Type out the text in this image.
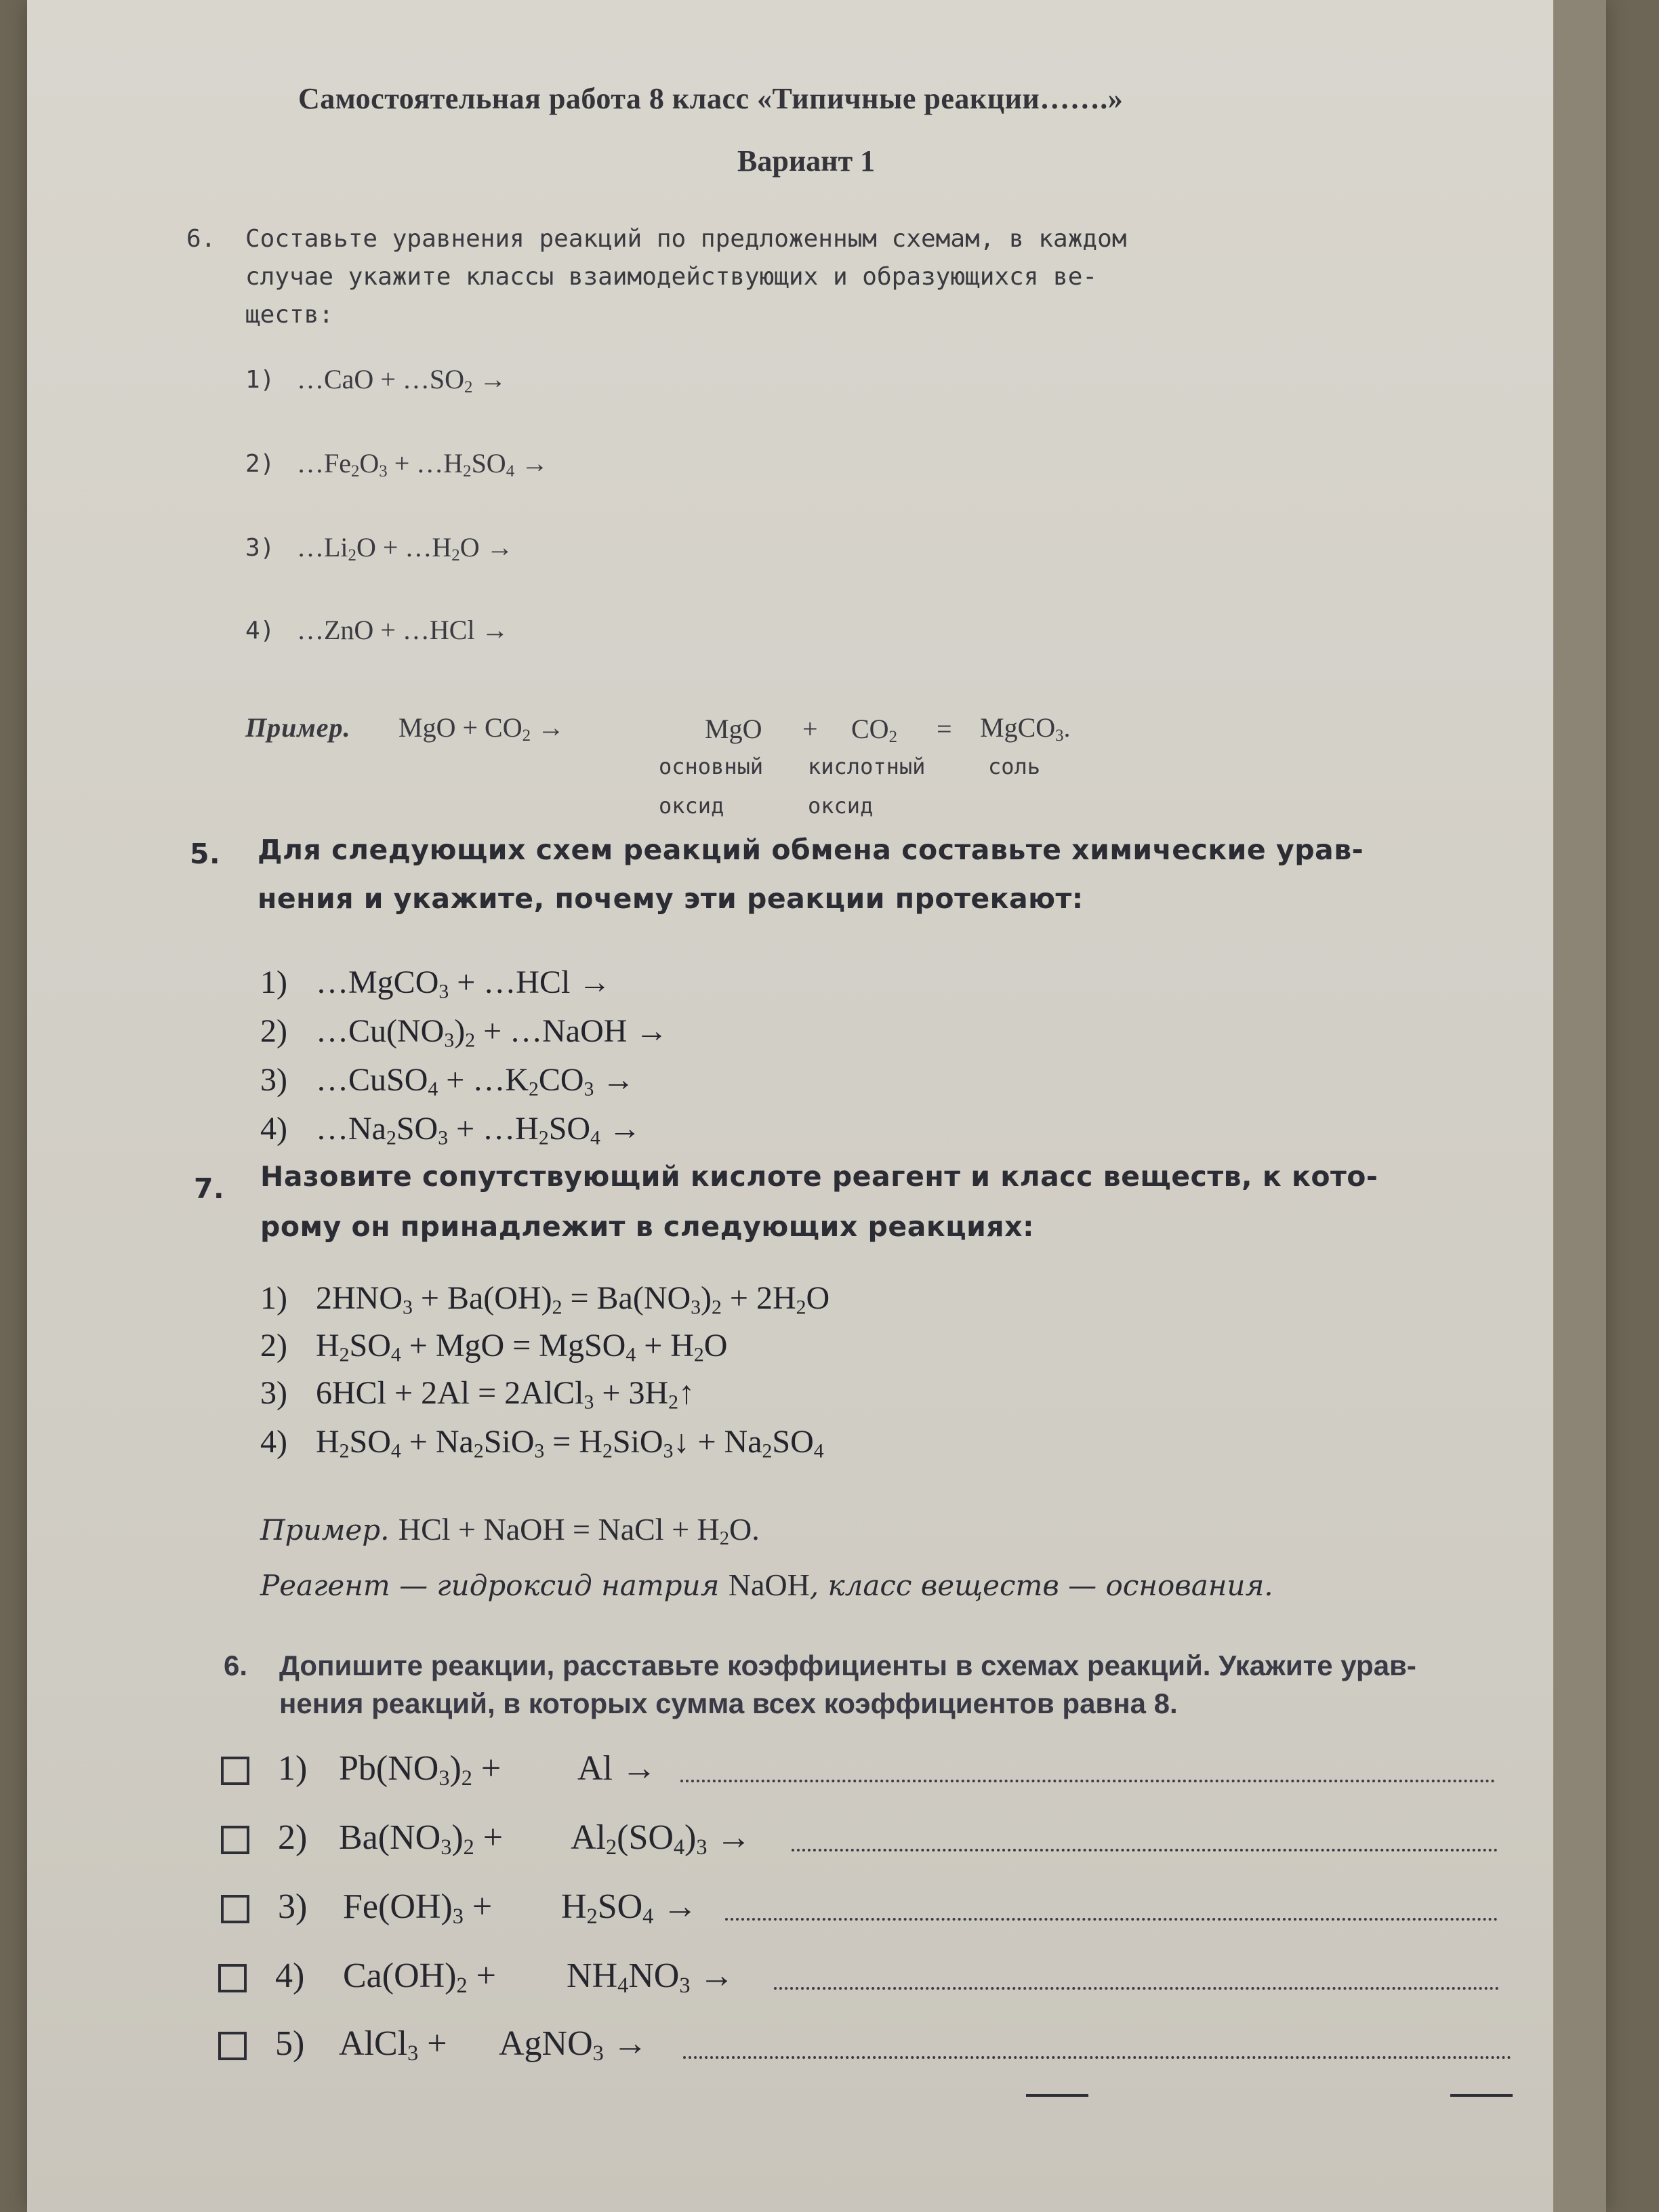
Самостоятельная работа 8 класс «Типичные реакции…….»
Вариант 1
6. Составьте уравнения реакций по предложенным схемам, в каждом
случае укажите классы взаимодействующих и образующихся ве-
ществ:
1) …CaO + $\dots SO_2$ →
2) $\dots Fe_2O_3$ + $\dots H_2SO_4$ →
3) $\dots Li_2O$ + $\dots H_2O$ →
4) …ZnO + …HCl →
Пример. MgO + $CO_2$ →	MgO + $CO_2$ = MgCO$_3$.
основный
оксид
кислотный
оксид
соль
5. Для следующих схем реакций обмена составьте химические урав-
нения и укажите, почему эти реакции протекают:
1) …MgCO$_3$ + …HCl →
2) $\dots Cu(NO_3)_2$ + …NaOH →
3) …CuSO$_4$ + $\dots K_2CO_3$ →
4) $\dots Na_2SO_3$ + $\dots H_2SO_4$ →
7. Назовите сопутствующий кислоте реагент и класс веществ, к кото-
рому он принадлежит в следующих реакциях:
1) $2HNO_3 + Ba(OH)_2 = Ba(NO_3)_2 + 2H_2O$
2) $H_2SO_4$ + MgO = MgSO$_4$ + $H_2O$
3) 6HCl + 2Al = 2AlCl$_3$ + $3H_2↑$
4) $H_2SO_4 + Na_2SiO_3$ = $H_2SiO_3↓ + Na_2SO_4$
Пример. HCl + NaOH = NaCl + $H_2O$.
Реагент — гидроксид натрия NaOH, класс веществ — основания.
6. Допишите реакции, расставьте коэффициенты в схемах реакций. Укажите урав-
нения реакций, в которых сумма всех коэффициентов равна 8.
1) $Pb(NO_3)_2 + Al$ →
2) $Ba(NO_3)_2 + Al_2(SO_4)_3$ →
3) $Fe(OH)_3 + H_2SO_4$ →
4) $Ca(OH)_2 + NH_4NO_3$ →
5) AlCl$_3$ + AgNO$_3$ →
